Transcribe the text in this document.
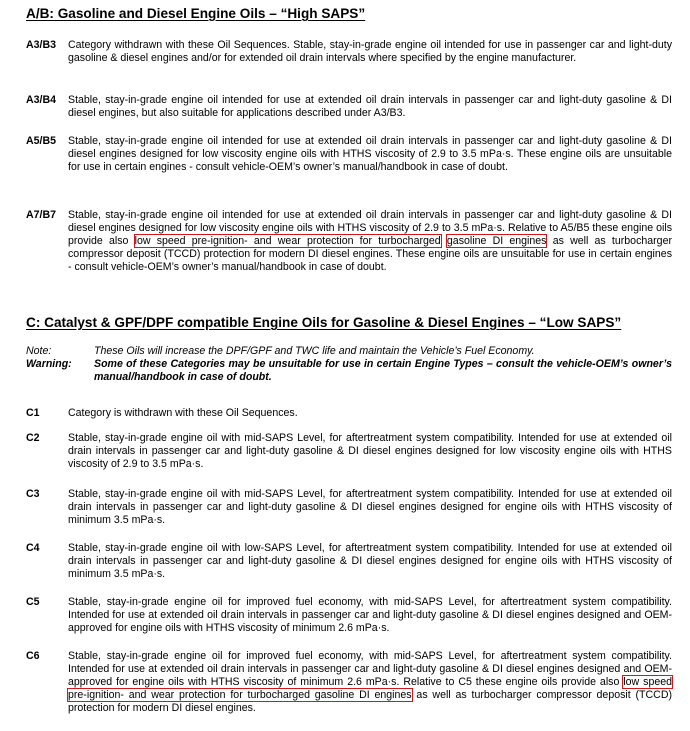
A/B: Gasoline and Diesel Engine Oils – “High SAPS”
A3/B3	Category withdrawn with these Oil Sequences. Stable, stay-in-grade engine oil intended for use in passenger car and light-duty gasoline & diesel engines and/or for extended oil drain intervals where specified by the engine manufacturer.
A3/B4	Stable, stay-in-grade engine oil intended for use at extended oil drain intervals in passenger car and light-duty gasoline & DI diesel engines, but also suitable for applications described under A3/B3.
A5/B5	Stable, stay-in-grade engine oil intended for use at extended oil drain intervals in passenger car and light-duty gasoline & DI diesel engines designed for low viscosity engine oils with HTHS viscosity of 2.9 to 3.5 mPa·s. These engine oils are unsuitable for use in certain engines - consult vehicle-OEM’s owner’s manual/handbook in case of doubt.
A7/B7	Stable, stay-in-grade engine oil intended for use at extended oil drain intervals in passenger car and light-duty gasoline & DI diesel engines designed for low viscosity engine oils with HTHS viscosity of 2.9 to 3.5 mPa·s. Relative to A5/B5 these engine oils provide also low speed pre-ignition- and wear protection for turbocharged gasoline DI engines as well as turbocharger compressor deposit (TCCD) protection for modern DI diesel engines. These engine oils are unsuitable for use in certain engines - consult vehicle-OEM’s owner’s manual/handbook in case of doubt.
C: Catalyst & GPF/DPF compatible Engine Oils for Gasoline & Diesel Engines – “Low SAPS”
Note:	These Oils will increase the DPF/GPF and TWC life and maintain the Vehicle’s Fuel Economy.
Warning: Some of these Categories may be unsuitable for use in certain Engine Types – consult the vehicle-OEM’s owner’s manual/handbook in case of doubt.
C1	Category is withdrawn with these Oil Sequences.
C2	Stable, stay-in-grade engine oil with mid-SAPS Level, for aftertreatment system compatibility. Intended for use at extended oil drain intervals in passenger car and light-duty gasoline & DI diesel engines designed for low viscosity engine oils with HTHS viscosity of 2.9 to 3.5 mPa·s.
C3	Stable, stay-in-grade engine oil with mid-SAPS Level, for aftertreatment system compatibility. Intended for use at extended oil drain intervals in passenger car and light-duty gasoline & DI diesel engines designed for engine oils with HTHS viscosity of minimum 3.5 mPa·s.
C4	Stable, stay-in-grade engine oil with low-SAPS Level, for aftertreatment system compatibility. Intended for use at extended oil drain intervals in passenger car and light-duty gasoline & DI diesel engines designed for engine oils with HTHS viscosity of minimum 3.5 mPa·s.
C5	Stable, stay-in-grade engine oil for improved fuel economy, with mid-SAPS Level, for aftertreatment system compatibility. Intended for use at extended oil drain intervals in passenger car and light-duty gasoline & DI diesel engines designed and OEM-approved for engine oils with HTHS viscosity of minimum 2.6 mPa·s.
C6	Stable, stay-in-grade engine oil for improved fuel economy, with mid-SAPS Level, for aftertreatment system compatibility. Intended for use at extended oil drain intervals in passenger car and light-duty gasoline & DI diesel engines designed and OEM-approved for engine oils with HTHS viscosity of minimum 2.6 mPa·s. Relative to C5 these engine oils provide also low speed pre-ignition- and wear protection for turbocharged gasoline DI engines as well as turbocharger compressor deposit (TCCD) protection for modern DI diesel engines.
